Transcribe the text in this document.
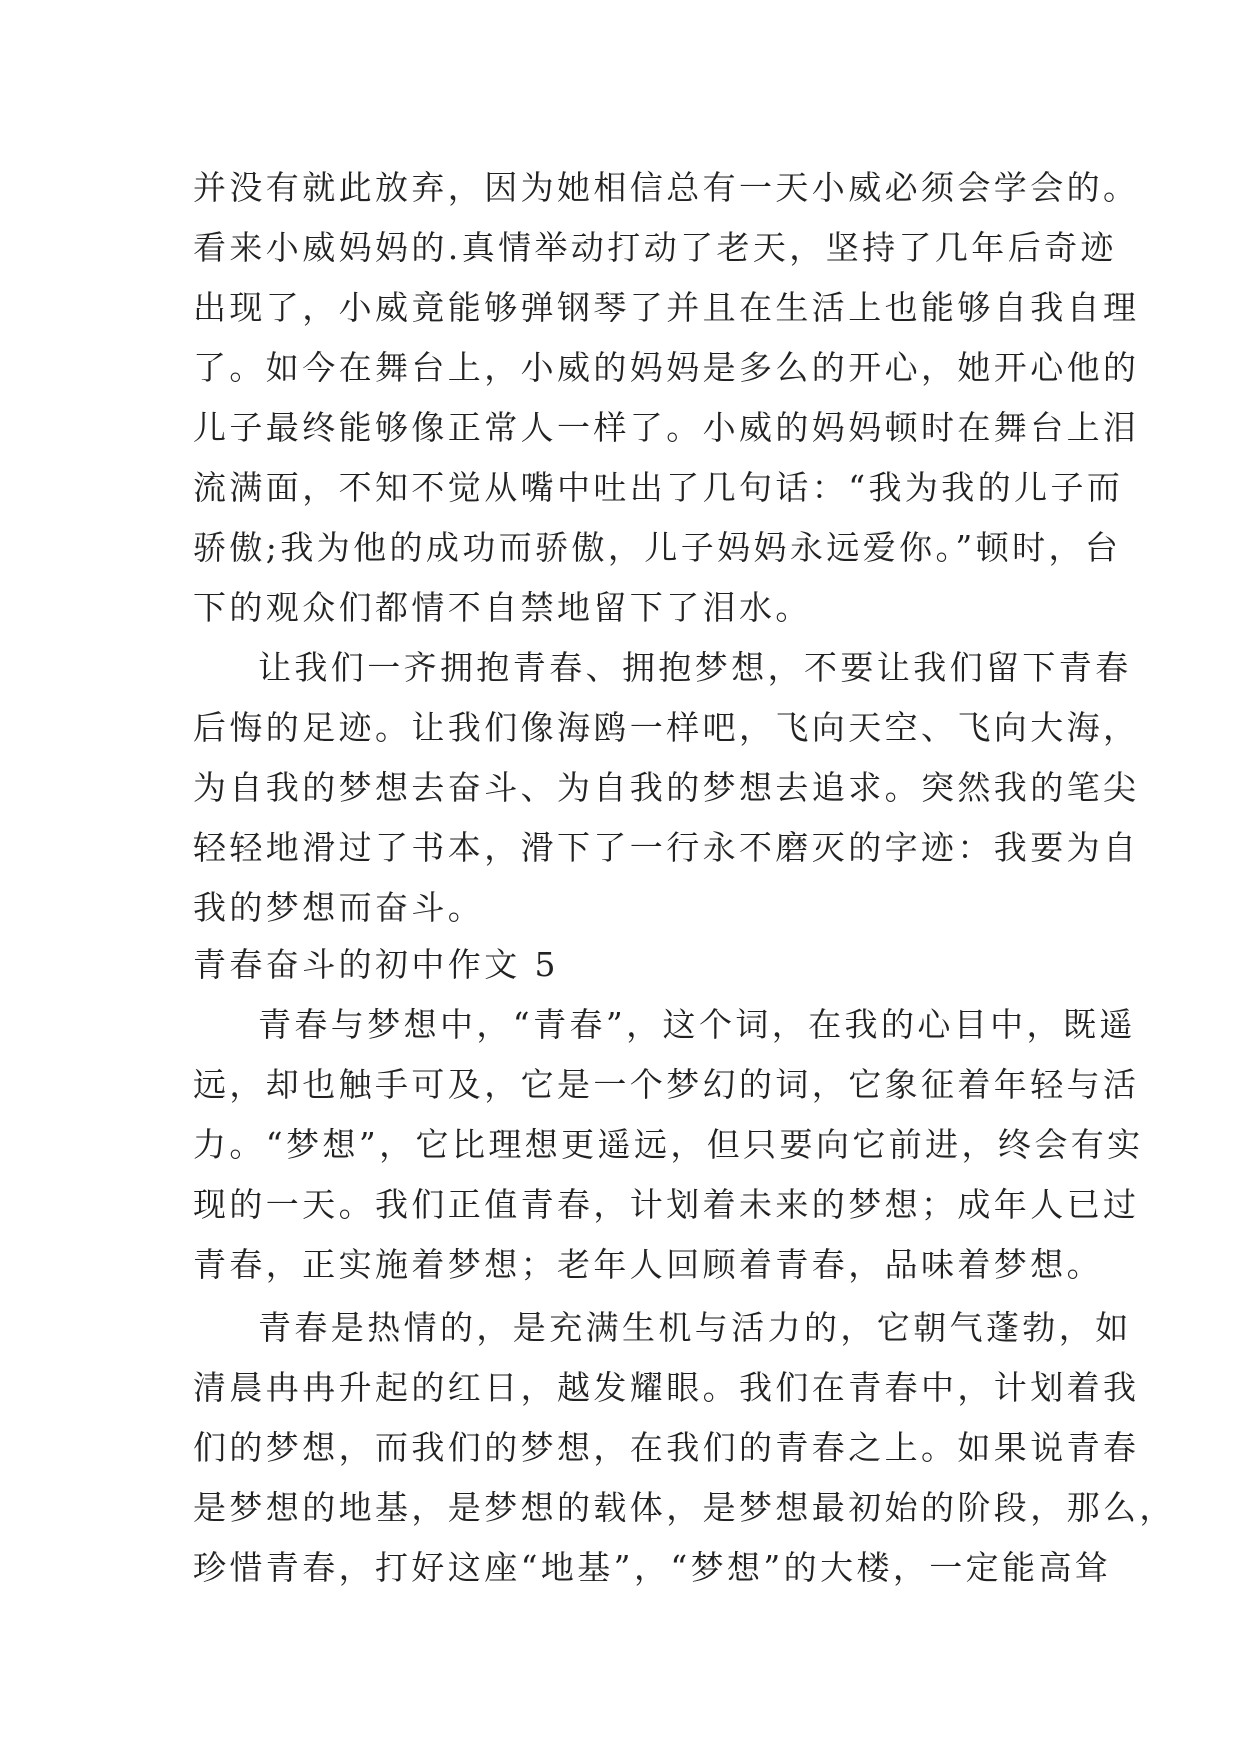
并没有就此放弃，因为她相信总有一天小威必须会学会的。
看来小威妈妈的.真情举动打动了老天，坚持了几年后奇迹
出现了，小威竟能够弹钢琴了并且在生活上也能够自我自理
了。如今在舞台上，小威的妈妈是多么的开心，她开心他的
儿子最终能够像正常人一样了。小威的妈妈顿时在舞台上泪
流满面，不知不觉从嘴中吐出了几句话：“我为我的儿子而
骄傲;我为他的成功而骄傲，儿子妈妈永远爱你。”顿时，台
下的观众们都情不自禁地留下了泪水。
让我们一齐拥抱青春、拥抱梦想，不要让我们留下青春
后悔的足迹。让我们像海鸥一样吧，飞向天空、飞向大海，
为自我的梦想去奋斗、为自我的梦想去追求。突然我的笔尖
轻轻地滑过了书本，滑下了一行永不磨灭的字迹：我要为自
我的梦想而奋斗。
青春奋斗的初中作文 5
青春与梦想中，“青春”，这个词，在我的心目中，既遥
远，却也触手可及，它是一个梦幻的词，它象征着年轻与活
力。“梦想”，它比理想更遥远，但只要向它前进，终会有实
现的一天。我们正值青春，计划着未来的梦想；成年人已过
青春，正实施着梦想；老年人回顾着青春，品味着梦想。
青春是热情的，是充满生机与活力的，它朝气蓬勃，如
清晨冉冉升起的红日，越发耀眼。我们在青春中，计划着我
们的梦想，而我们的梦想，在我们的青春之上。如果说青春
是梦想的地基，是梦想的载体，是梦想最初始的阶段，那么，
珍惜青春，打好这座“地基”，“梦想”的大楼，一定能高耸
